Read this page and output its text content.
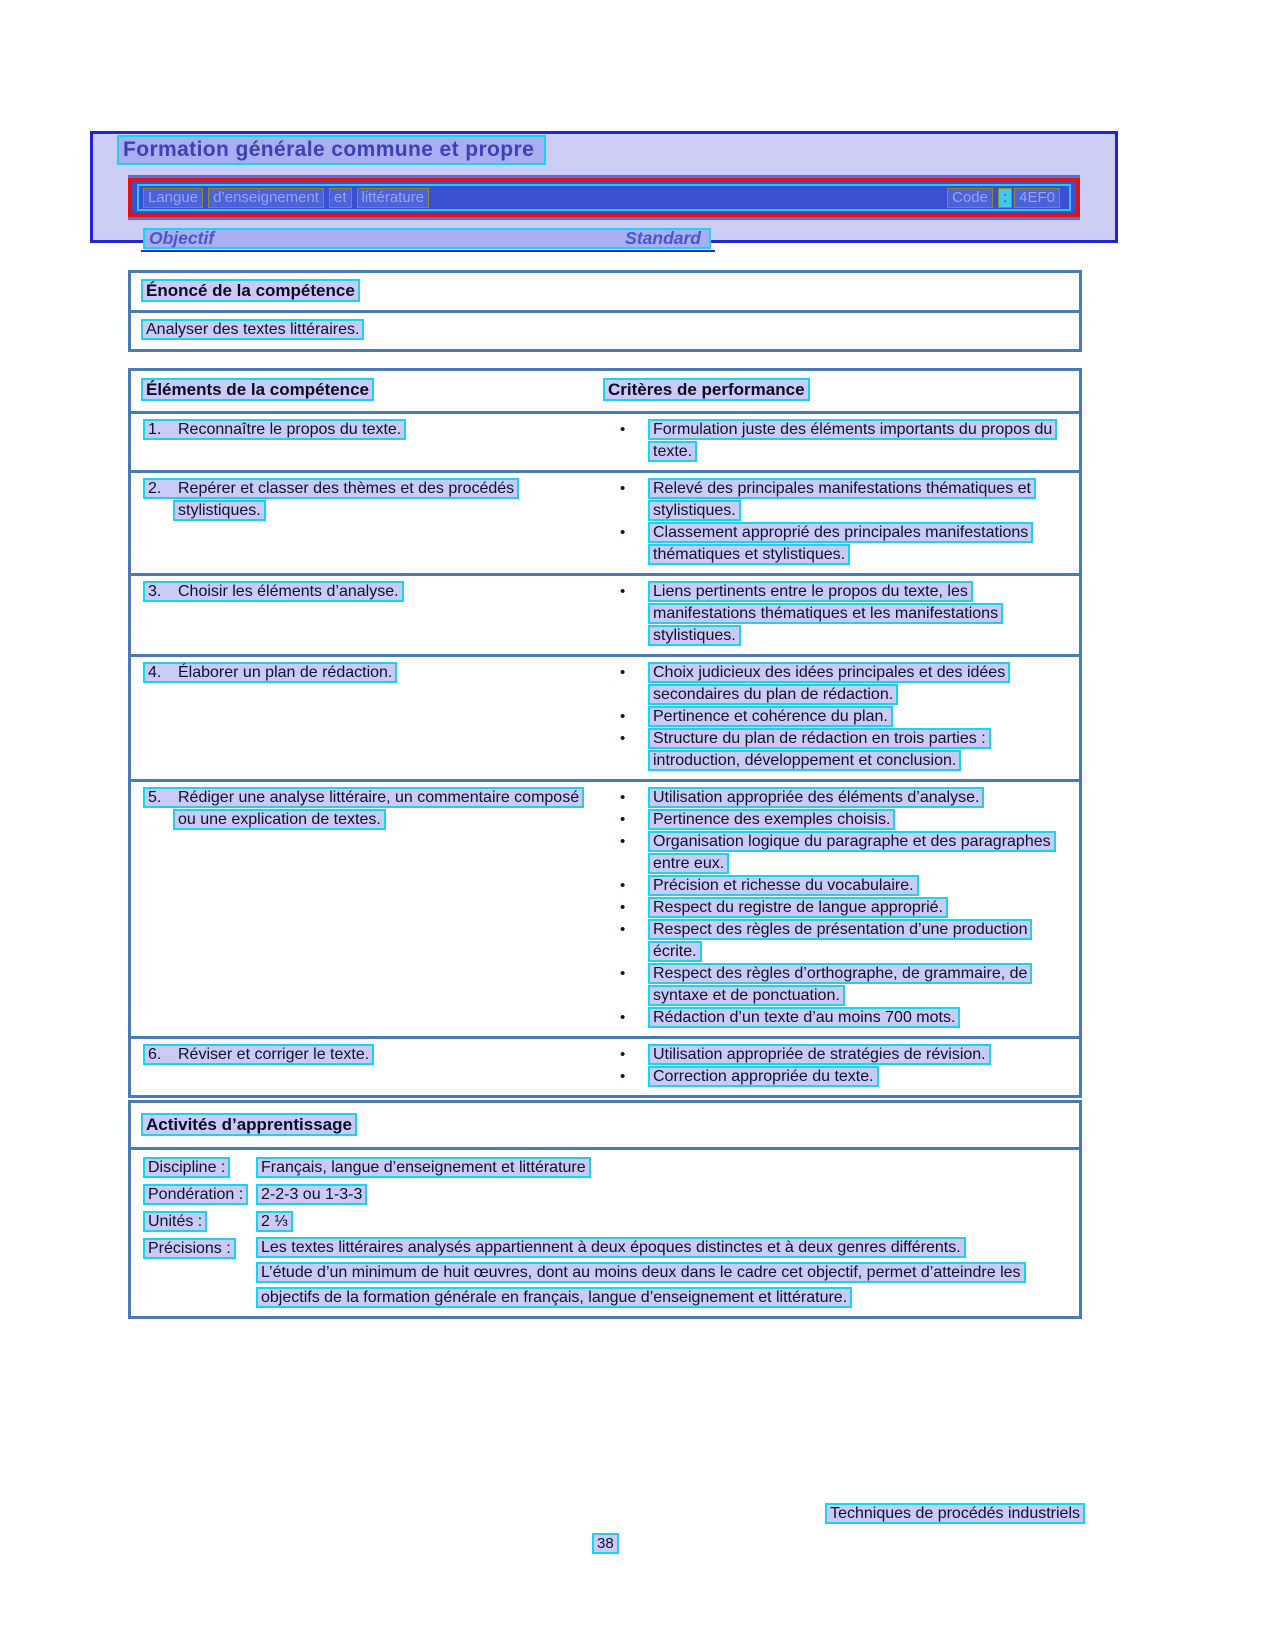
Formation générale commune et propre
Langue	d’enseignement	et	littérature	Code	: 4EF0
Objectif	Standard
Énoncé de la compétence
Analyser des textes littéraires.
Éléments de la compétence	Critères de performance
1. Reconnaître le propos du texte.	• Formulation juste des éléments importants du propos du texte.
2. Repérer et classer des thèmes et des procédés stylistiques.
• Relevé des principales manifestations thématiques et stylistiques.
• Classement approprié des principales manifestations thématiques et stylistiques.
3. Choisir les éléments d’analyse.	• Liens pertinents entre le propos du texte, les manifestations thématiques et les manifestations stylistiques.
4. Élaborer un plan de rédaction.	• Choix judicieux des idées principales et des idées secondaires du plan de rédaction.
• Pertinence et cohérence du plan.
• Structure du plan de rédaction en trois parties : introduction, développement et conclusion.
5. Rédiger une analyse littéraire, un commentaire composé ou une explication de textes.
• Utilisation appropriée des éléments d’analyse.
• Pertinence des exemples choisis.
• Organisation logique du paragraphe et des paragraphes entre eux.
• Précision et richesse du vocabulaire.
• Respect du registre de langue approprié.
• Respect des règles de présentation d’une production écrite.
• Respect des règles d’orthographe, de grammaire, de syntaxe et de ponctuation.
• Rédaction d’un texte d’au moins 700 mots.
6. Réviser et corriger le texte.	• Utilisation appropriée de stratégies de révision.
• Correction appropriée du texte.
Activités d’apprentissage
Discipline :	Français, langue d’enseignement et littérature
Pondération :	2-2-3 ou 1-3-3
Unités :	2 ⅓
Précisions :	Les textes littéraires analysés appartiennent à deux époques distinctes et à deux genres différents.

L’étude d’un minimum de huit œuvres, dont au moins deux dans le cadre cet objectif, permet d’atteindre les objectifs de la formation générale en français, langue d’enseignement et littérature.

Techniques de procédés industriels
38
